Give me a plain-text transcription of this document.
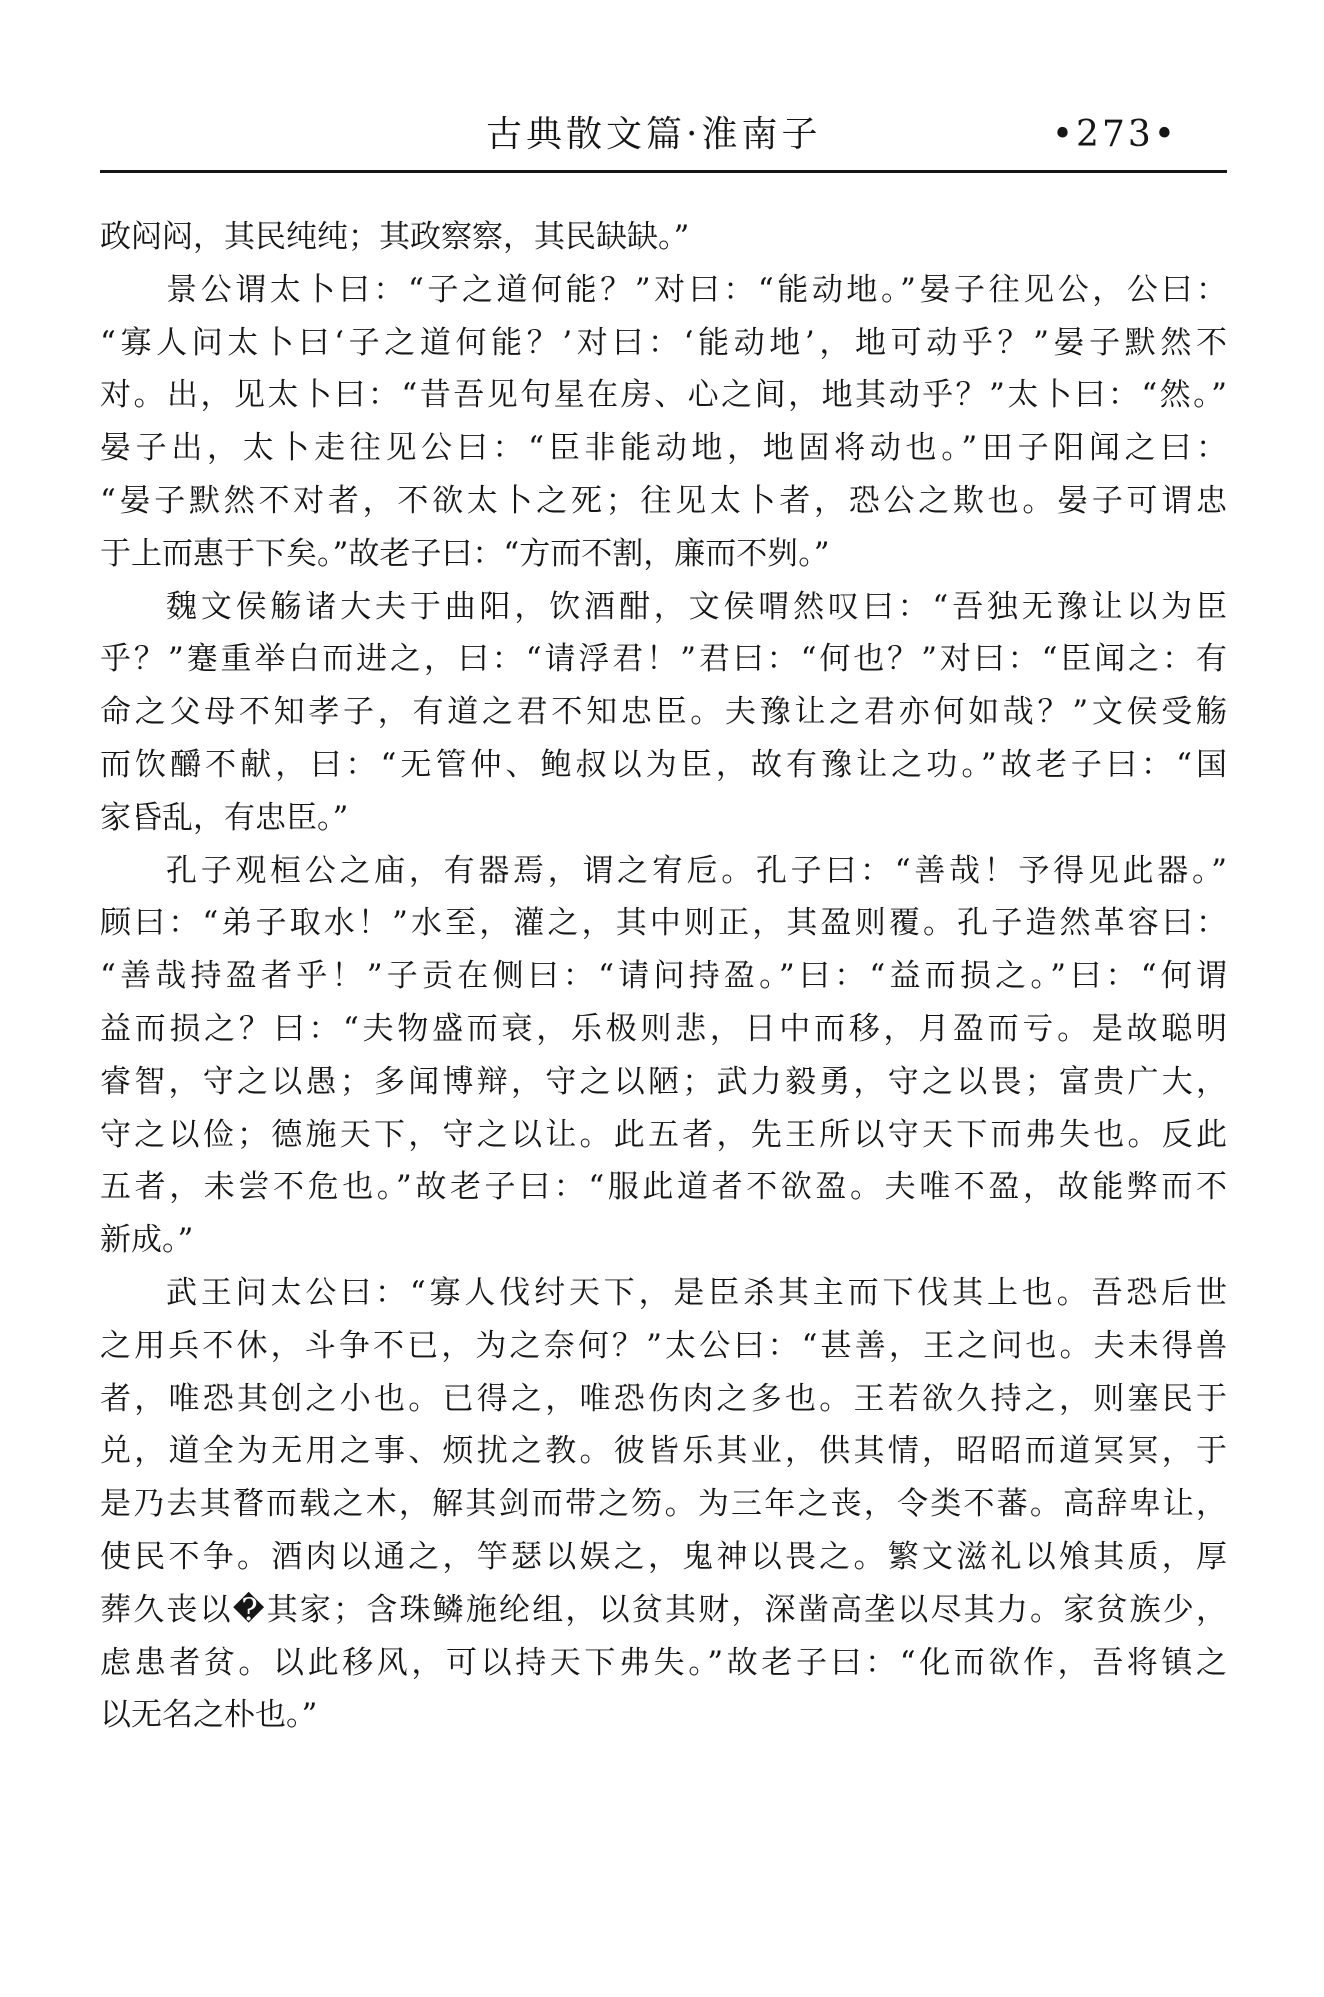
古典散文篇·淮南子	•273•
政闷闷，其民纯纯；其政察察，其民缺缺。”
景公谓太卜曰：“子之道何能？”对曰：“能动地。”晏子往见公，公曰：
“寡人问太卜曰‘子之道何能？’对曰：‘能动地’，地可动乎？”晏子默然不
对。出，见太卜曰：“昔吾见句星在房、心之间，地其动乎？”太卜曰：“然。”
晏子出，太卜走往见公曰：“臣非能动地，地固将动也。”田子阳闻之曰：
“晏子默然不对者，不欲太卜之死；往见太卜者，恐公之欺也。晏子可谓忠
于上而惠于下矣。”故老子曰：“方而不割，廉而不刿。”
魏文侯觞诸大夫于曲阳，饮酒酣，文侯喟然叹曰：“吾独无豫让以为臣
乎？”蹇重举白而进之，曰：“请浮君！”君曰：“何也？”对曰：“臣闻之：有
命之父母不知孝子，有道之君不知忠臣。夫豫让之君亦何如哉？”文侯受觞
而饮釂不献，曰：“无管仲、鲍叔以为臣，故有豫让之功。”故老子曰：“国
家昏乱，有忠臣。”
孔子观桓公之庙，有器焉，谓之宥卮。孔子曰：“善哉！予得见此器。”
顾曰：“弟子取水！”水至，灌之，其中则正，其盈则覆。孔子造然革容曰：
“善哉持盈者乎！”子贡在侧曰：“请问持盈。”曰：“益而损之。”曰：“何谓
益而损之？曰：“夫物盛而衰，乐极则悲，日中而移，月盈而亏。是故聪明
睿智，守之以愚；多闻博辩，守之以陋；武力毅勇，守之以畏；富贵广大，
守之以俭；德施天下，守之以让。此五者，先王所以守天下而弗失也。反此
五者，未尝不危也。”故老子曰：“服此道者不欲盈。夫唯不盈，故能弊而不
新成。”
武王问太公曰：“寡人伐纣天下，是臣杀其主而下伐其上也。吾恐后世
之用兵不休，斗争不已，为之奈何？”太公曰：“甚善，王之问也。夫未得兽
者，唯恐其创之小也。已得之，唯恐伤肉之多也。王若欲久持之，则塞民于
兑，道全为无用之事、烦扰之教。彼皆乐其业，供其情，昭昭而道冥冥，于
是乃去其瞀而载之木，解其剑而带之笏。为三年之丧，令类不蕃。高辞卑让，
使民不争。酒肉以通之，竽瑟以娱之，鬼神以畏之。繁文滋礼以飧其质，厚
葬久丧以�其家；含珠鳞施纶组，以贫其财，深凿高垄以尽其力。家贫族少，
虑患者贫。以此移风，可以持天下弗失。”故老子曰：“化而欲作，吾将镇之
以无名之朴也。”
